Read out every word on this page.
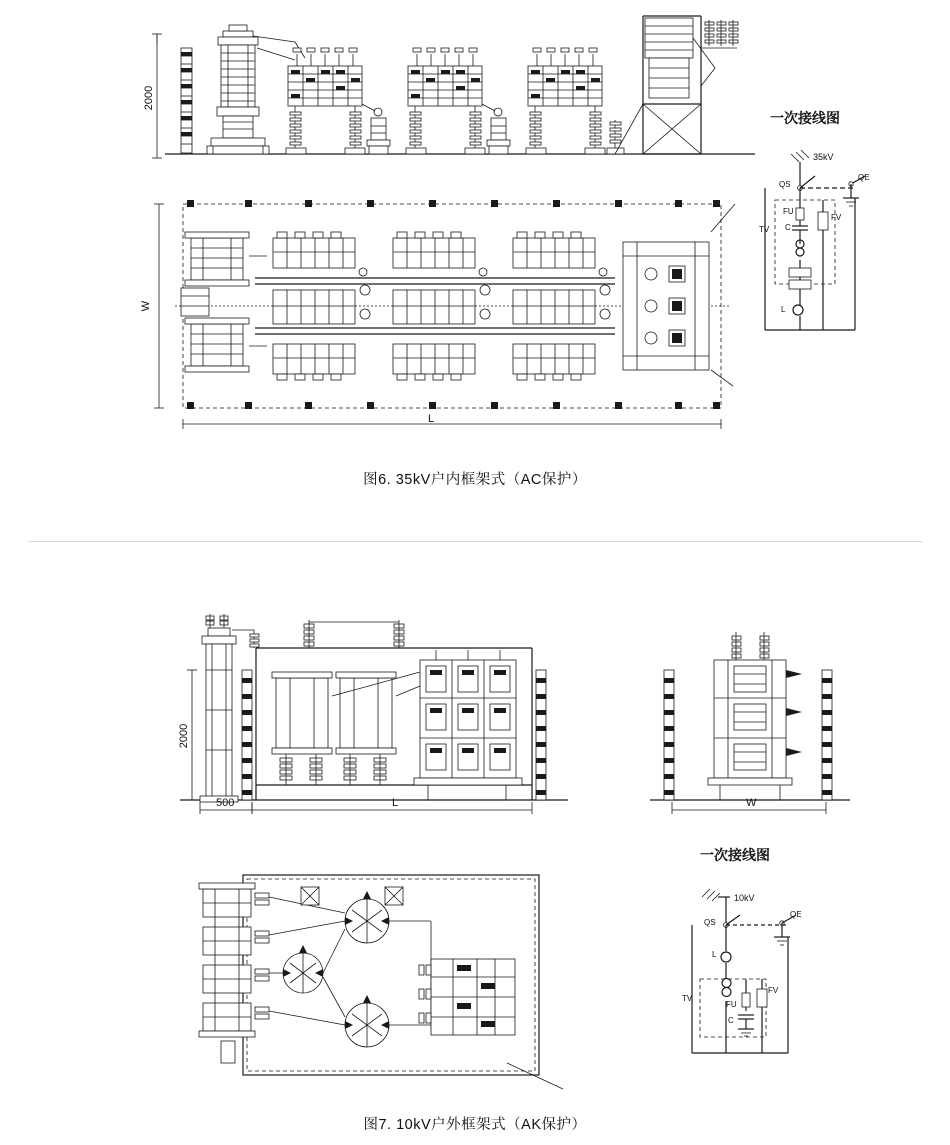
2000
W
L
一次接线图
35kV
QS
QE
FU
C
FV
TV
L
图6. 35kV户内框架式（AC保护）
2000
500	L	W
一次接线图
10kV
QS
QE
L
TV
FU
C
FV
图7. 10kV户外框架式（AK保护）
